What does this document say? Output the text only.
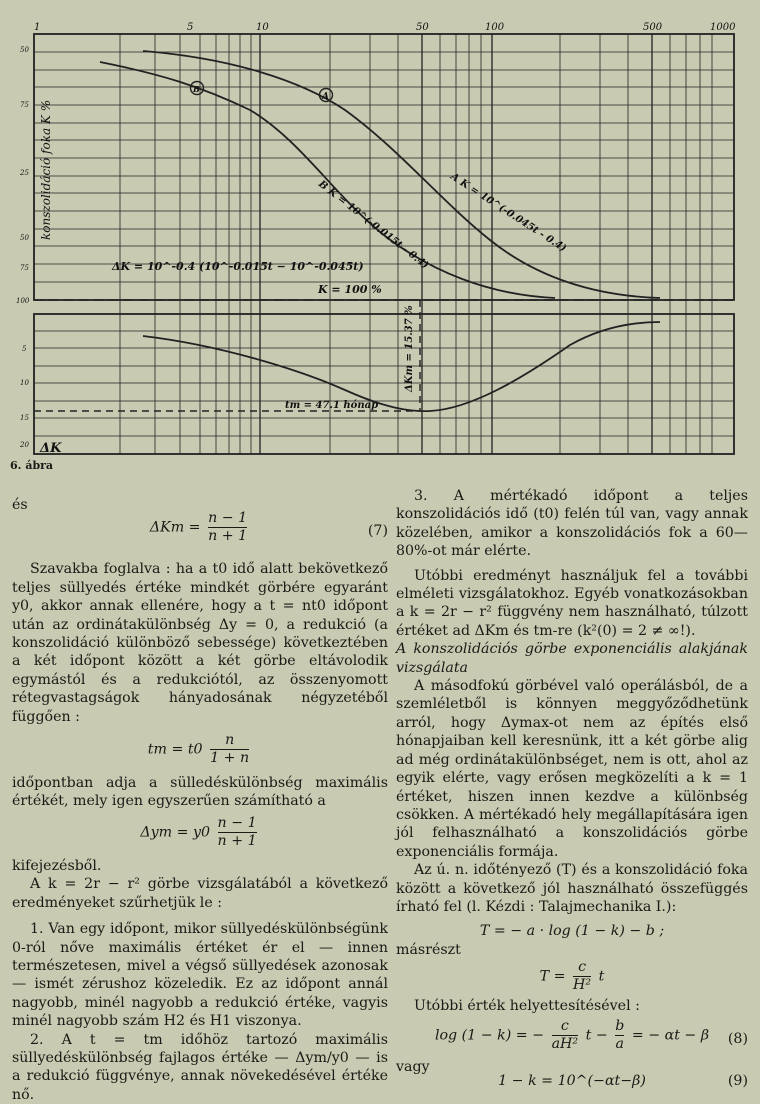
1	5	10	50	100	500	1000
50
75
25
50
75
100
5
10
15
20
konszolidáció foka K %
A
B
A K = 10^(-0.045t - 0.4)
B K = 10^(-0.015t - 0.4)
ΔK = 10^-0.4 (10^-0.015t − 10^-0.045t)
K = 100 %
ΔKm = 15.37 %
tm = 47.1 hónap
ΔK
6. ábra

és

$\Delta Km = \frac{n - 1}{n + 1}$	(7)

Szavakba foglalva : ha a t0 idő alatt bekövetkező teljes süllyedés értéke mindkét görbére egyaránt y0, akkor annak ellenére, hogy a t = nt0 időpont után az ordinátakülönbség Δy = 0, a redukció (a konszolidáció különböző sebessége) következtében a két időpont között a két görbe eltávolodik egymástól és a redukciótól, az összenyomott rétegvastagságok hányadosának négyzetéből függően :

tm = $t0 \frac{n}{1 + n}$

időpontban adja a sülledéskülönbség maximális értékét, mely igen egyszerűen számítható a

$\Delta ym = y0 \frac{n - 1}{n + 1}$

kifejezésből.

A k = 2r − r² görbe vizsgálatából a következő eredményeket szűrhetjük le :

1. Van egy időpont, mikor süllyedéskülönbségünk 0-ról nőve maximális értéket ér el — innen természetesen, mivel a végső süllyedések azonosak — ismét zérushoz közeledik. Ez az időpont annál nagyobb, minél nagyobb a redukció értéke, vagyis minél nagyobb szám H2 és H1 viszonya.

2. A t = tm időhöz tartozó maximális süllyedéskülönbség fajlagos értéke — Δym/y0 — is a redukció függvénye, annak növekedésével értéke nő.

3. A mértékadó időpont a teljes konszolidációs idő (t0) felén túl van, vagy annak közelében, amikor a konszolidációs fok a 60—80%-ot már elérte.

Utóbbi eredményt használjuk fel a további elméleti vizsgálatokhoz. Egyéb vonatkozásokban a k = 2r − r² függvény nem használható, túlzott értéket ad ΔKm és tm-re (k²(0) = 2 ≠ ∞!).

A konszolidációs görbe exponenciális alakjának vizsgálata

A másodfokú görbével való operálásból, de a szemléletből is könnyen meggyőződhetünk arról, hogy Δymax-ot nem az építés első hónapjaiban kell keresnünk, itt a két görbe alig ad még ordinátakülönbséget, nem is ott, ahol az egyik elérte, vagy erősen megközelíti a k = 1 értéket, hiszen innen kezdve a különbség csökken. A mértékadó hely megállapítására igen jól felhasználható a konszolidációs görbe exponenciális formája.

Az ú. n. időtényező (T) és a konszolidáció foka között a következő jól használható összefüggés írható fel (l. Kézdi : Talajmechanika I.):

T = − a · log (1 − k) − b ;

másrészt

$T = \frac{c}{\text{H²}}$ t

Utóbbi érték helyettesítésével :

log (1 − k) = − $\frac{c}{\text{aH²}}$ $t - \frac{b}{a}$ = − αt − β	(8)

vagy

1 − k = 10^(−αt−β)	(9)
